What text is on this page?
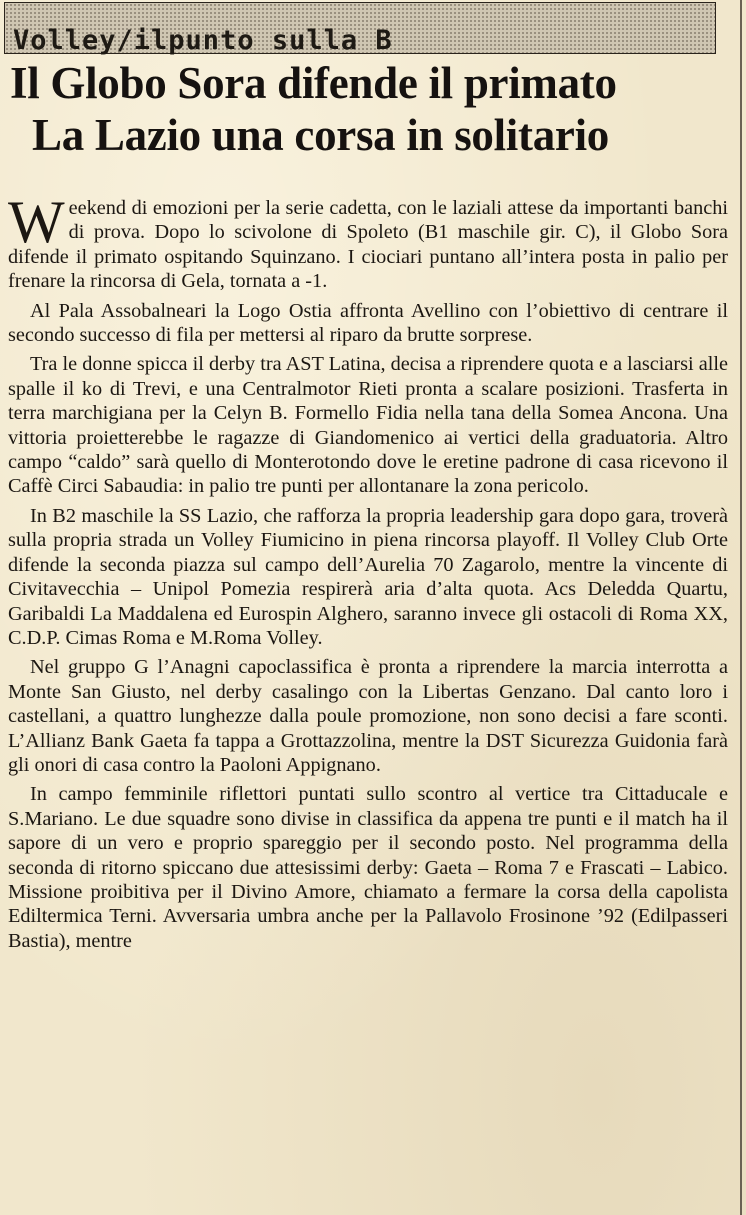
Volley/ilpunto sulla B
Il Globo Sora difende il primato
La Lazio una corsa in solitario

Weekend di emozioni per la serie cadetta, con le laziali attese da importanti banchi di prova. Dopo lo scivolone di Spoleto (B1 maschile gir. C), il Globo Sora difende il primato ospitando Squinzano. I ciociari puntano all’intera posta in palio per frenare la rincorsa di Gela, tornata a -1.

Al Pala Assobalneari la Logo Ostia affronta Avellino con l’obiettivo di centrare il secondo successo di fila per mettersi al riparo da brutte sorprese.

Tra le donne spicca il derby tra AST Latina, decisa a riprendere quota e a lasciarsi alle spalle il ko di Trevi, e una Centralmotor Rieti pronta a scalare posizioni. Trasferta in terra marchigiana per la Celyn B. Formello Fidia nella tana della Somea Ancona. Una vittoria proietterebbe le ragazze di Giandomenico ai vertici della graduatoria. Altro campo “caldo” sarà quello di Monterotondo dove le eretine padrone di casa ricevono il Caffè Circi Sabaudia: in palio tre punti per allontanare la zona pericolo.

In B2 maschile la SS Lazio, che rafforza la propria leadership gara dopo gara, troverà sulla propria strada un Volley Fiumicino in piena rincorsa playoff. Il Volley Club Orte difende la seconda piazza sul campo dell’Aurelia 70 Zagarolo, mentre la vincente di Civitavecchia – Unipol Pomezia respirerà aria d’alta quota. Acs Deledda Quartu, Garibaldi La Maddalena ed Eurospin Alghero, saranno invece gli ostacoli di Roma XX, C.D.P. Cimas Roma e M.Roma Volley.

Nel gruppo G l’Anagni capoclassifica è pronta a riprendere la marcia interrotta a Monte San Giusto, nel derby casalingo con la Libertas Genzano. Dal canto loro i castellani, a quattro lunghezze dalla poule promozione, non sono decisi a fare sconti. L’Allianz Bank Gaeta fa tappa a Grottazzolina, mentre la DST Sicurezza Guidonia farà gli onori di casa contro la Paoloni Appignano.

In campo femminile riflettori puntati sullo scontro al vertice tra Cittaducale e S.Mariano. Le due squadre sono divise in classifica da appena tre punti e il match ha il sapore di un vero e proprio spareggio per il secondo posto. Nel programma della seconda di ritorno spiccano due attesissimi derby: Gaeta – Roma 7 e Frascati – Labico. Missione proibitiva per il Divino Amore, chiamato a fermare la corsa della capolista Ediltermica Terni. Avversaria umbra anche per la Pallavolo Frosinone ’92 (Edilpasseri Bastia), mentre
